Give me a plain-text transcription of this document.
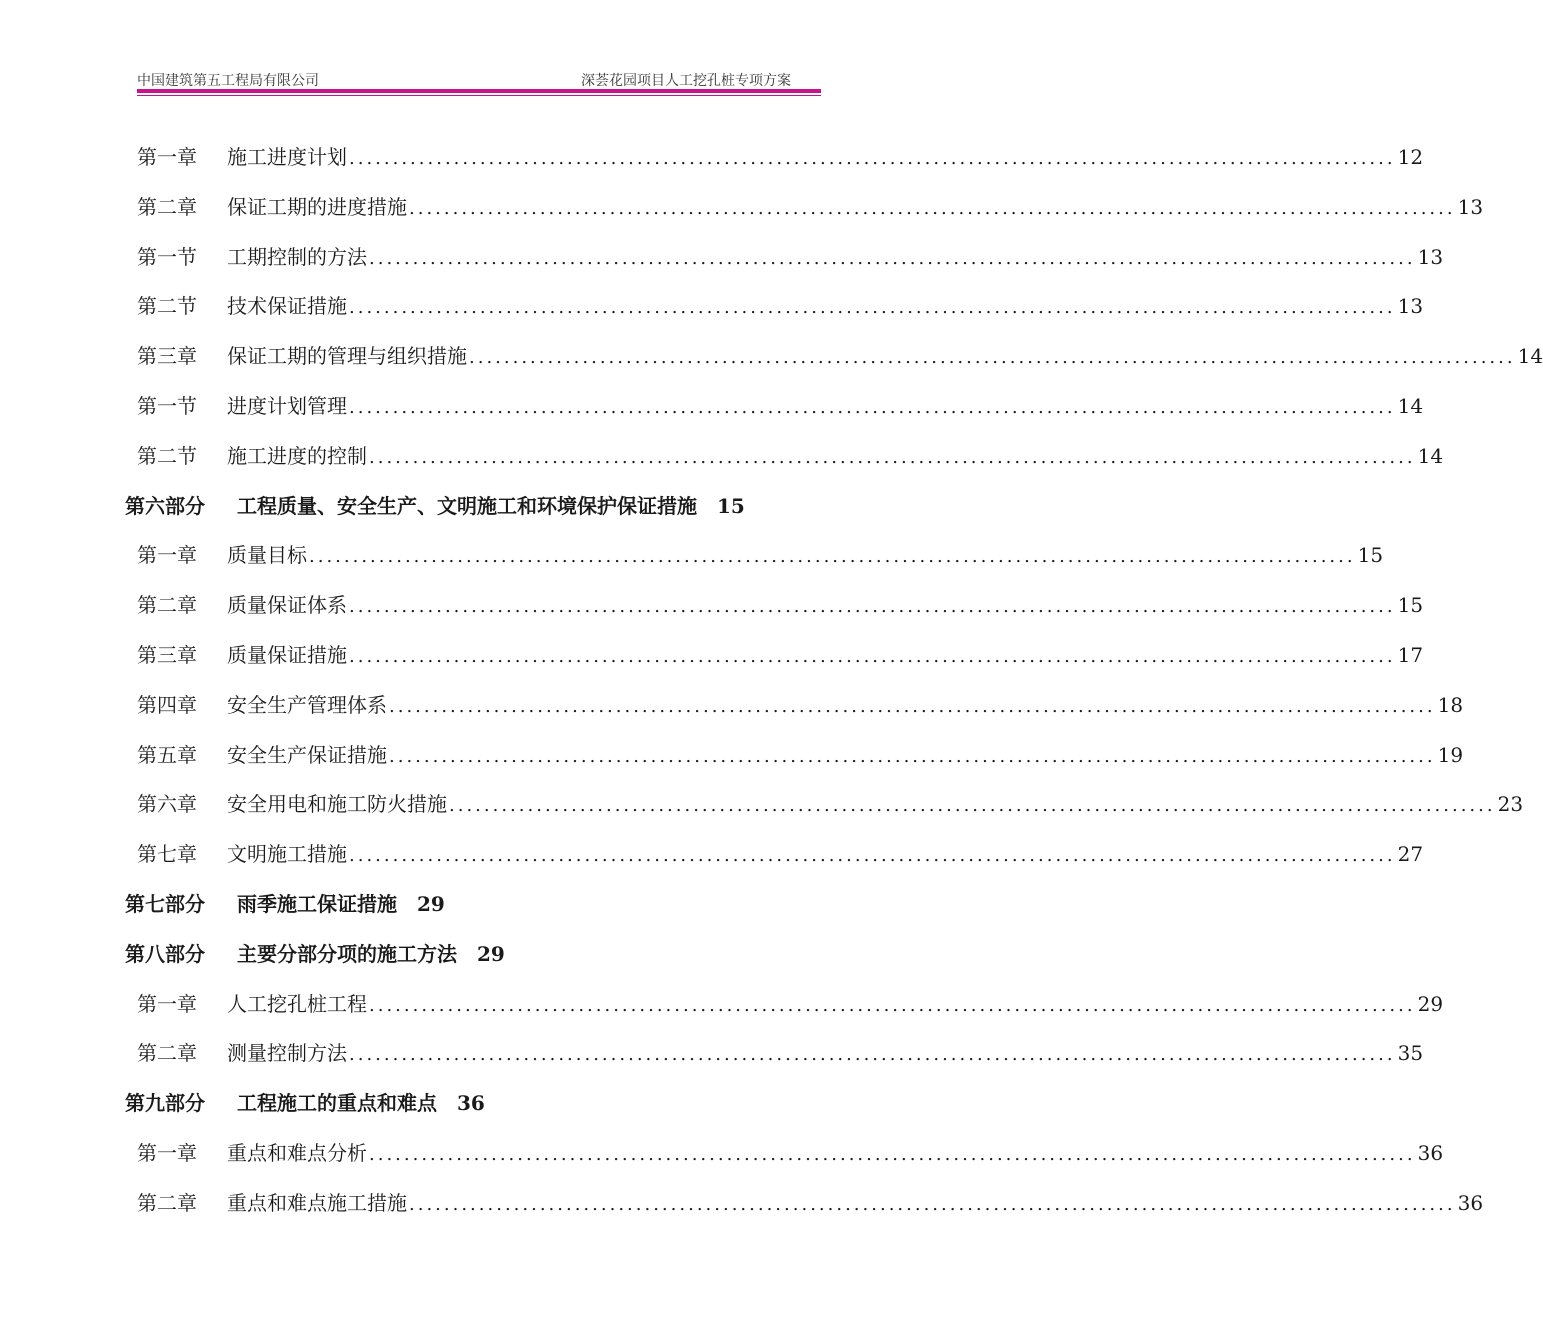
中国建筑第五工程局有限公司	深荟花园项目人工挖孔桩专项方案
第一章	施工进度计划 ........................................................................................................................ 12
第二章	保证工期的进度措施 ........................................................................................................................ 13
第一节	工期控制的方法 ........................................................................................................................ 13
第二节	技术保证措施 ........................................................................................................................ 13
第三章	保证工期的管理与组织措施 ........................................................................................................................ 14
第一节	进度计划管理 ........................................................................................................................ 14
第二节	施工进度的控制 ........................................................................................................................ 14
第六部分 工程质量、安全生产、文明施工和环境保护保证措施 15
第一章	质量目标 ........................................................................................................................ 15
第二章	质量保证体系 ........................................................................................................................ 15
第三章	质量保证措施 ........................................................................................................................ 17
第四章	安全生产管理体系 ........................................................................................................................ 18
第五章	安全生产保证措施 ........................................................................................................................ 19
第六章	安全用电和施工防火措施 ........................................................................................................................ 23
第七章	文明施工措施 ........................................................................................................................ 27
第七部分 雨季施工保证措施 29
第八部分 主要分部分项的施工方法 29
第一章	人工挖孔桩工程 ........................................................................................................................ 29
第二章	测量控制方法 ........................................................................................................................ 35
第九部分 工程施工的重点和难点 36
第一章	重点和难点分析 ........................................................................................................................ 36
第二章	重点和难点施工措施 ........................................................................................................................ 36
